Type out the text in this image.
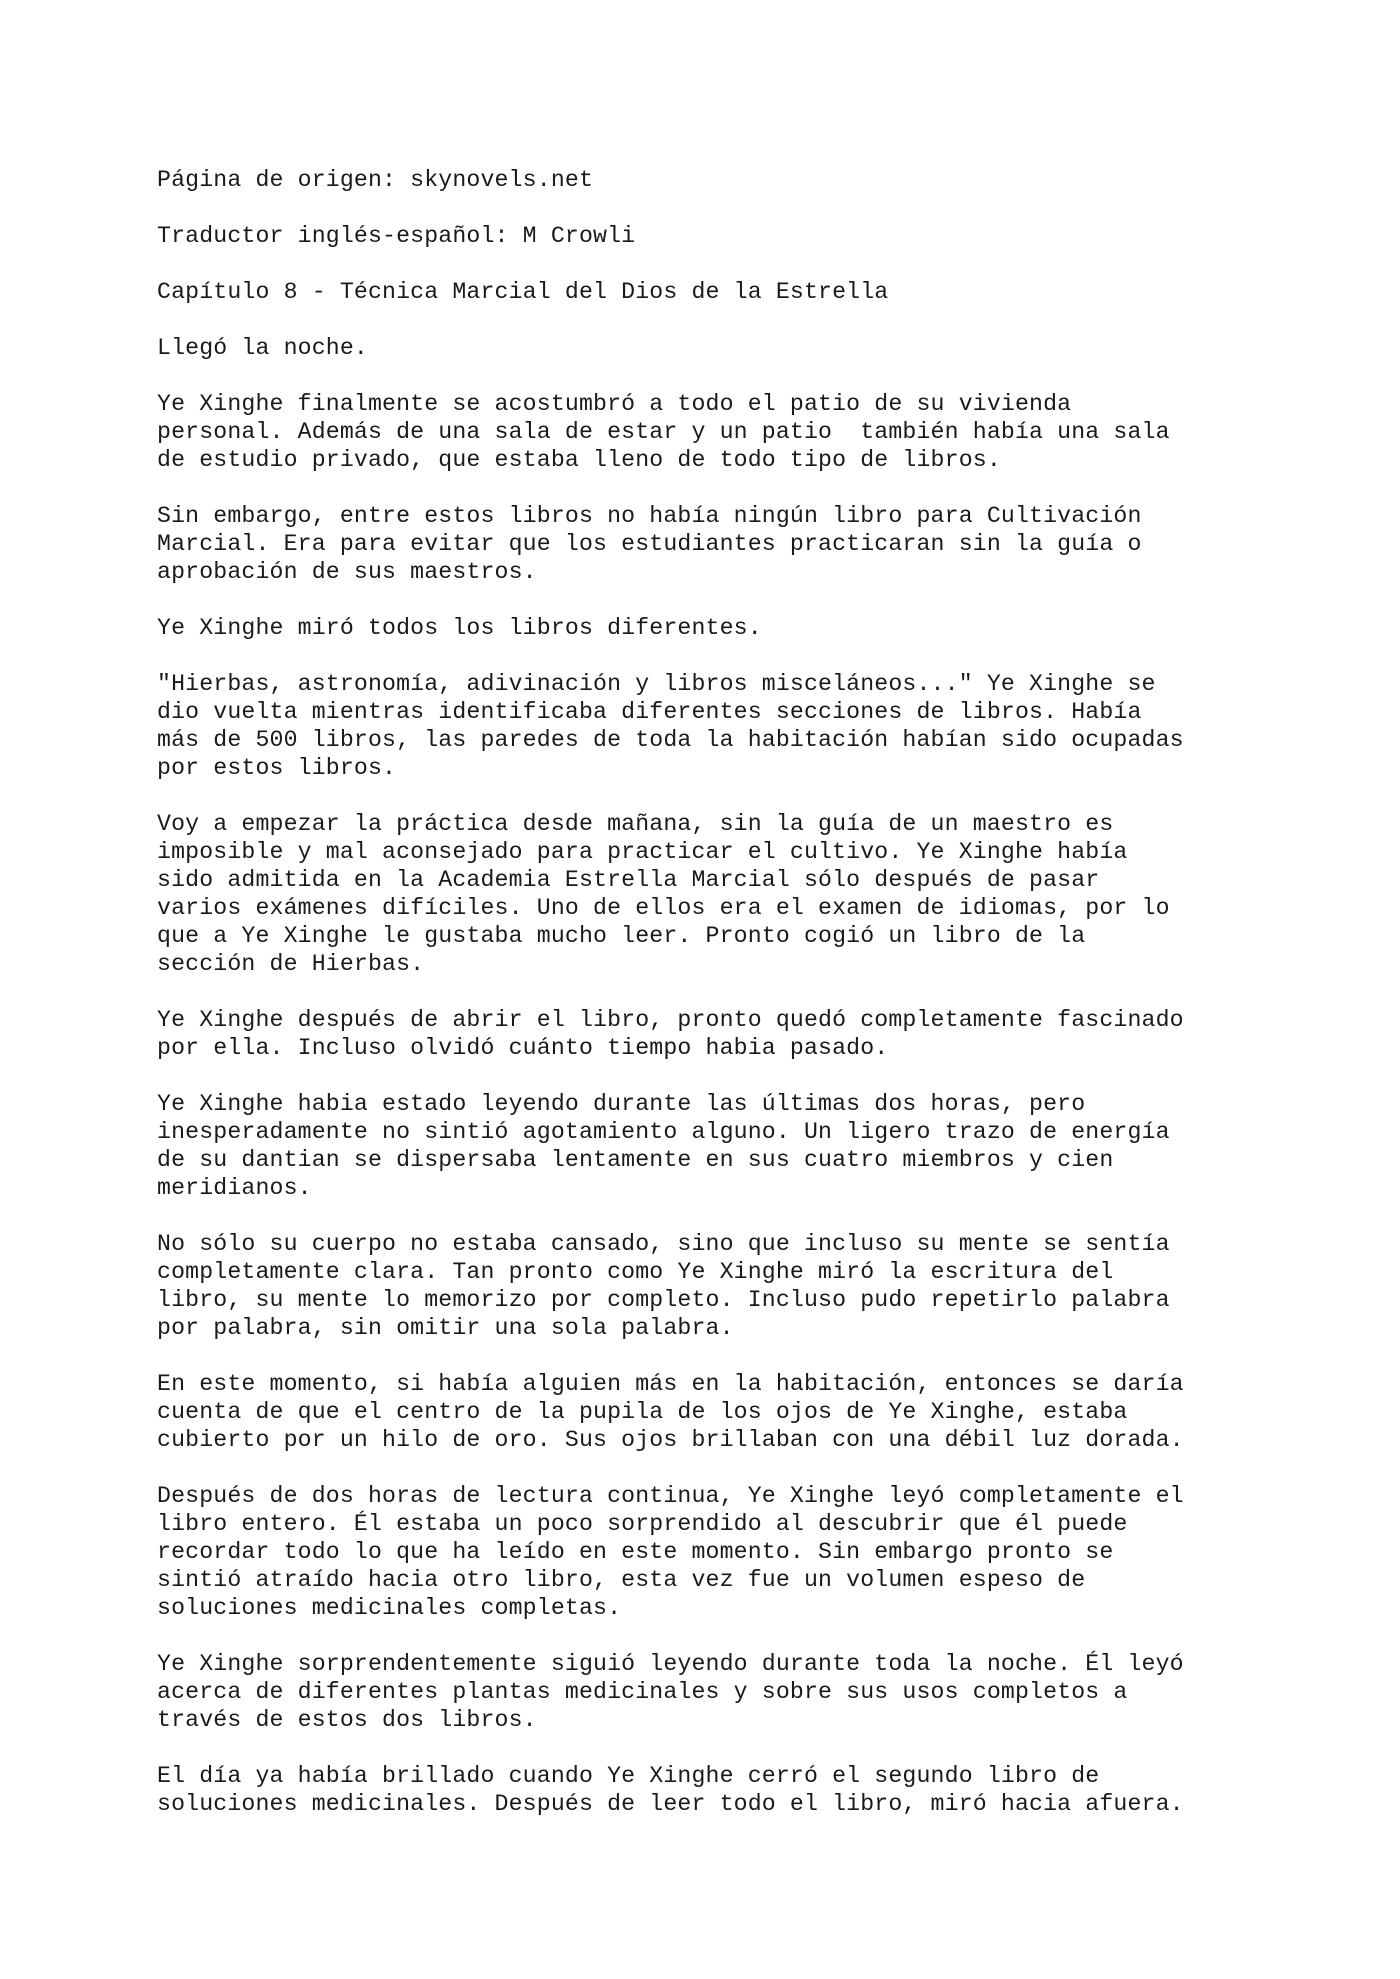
Página de origen: skynovels.net

Traductor inglés-español: M Crowli

Capítulo 8 - Técnica Marcial del Dios de la Estrella

Llegó la noche.

Ye Xinghe finalmente se acostumbró a todo el patio de su vivienda
personal. Además de una sala de estar y un patio  también había una sala
de estudio privado, que estaba lleno de todo tipo de libros.

Sin embargo, entre estos libros no había ningún libro para Cultivación
Marcial. Era para evitar que los estudiantes practicaran sin la guía o
aprobación de sus maestros.

Ye Xinghe miró todos los libros diferentes.

"Hierbas, astronomía, adivinación y libros misceláneos..." Ye Xinghe se
dio vuelta mientras identificaba diferentes secciones de libros. Había
más de 500 libros, las paredes de toda la habitación habían sido ocupadas
por estos libros.

Voy a empezar la práctica desde mañana, sin la guía de un maestro es
imposible y mal aconsejado para practicar el cultivo. Ye Xinghe había
sido admitida en la Academia Estrella Marcial sólo después de pasar
varios exámenes difíciles. Uno de ellos era el examen de idiomas, por lo
que a Ye Xinghe le gustaba mucho leer. Pronto cogió un libro de la
sección de Hierbas.

Ye Xinghe después de abrir el libro, pronto quedó completamente fascinado
por ella. Incluso olvidó cuánto tiempo habia pasado.

Ye Xinghe habia estado leyendo durante las últimas dos horas, pero
inesperadamente no sintió agotamiento alguno. Un ligero trazo de energía
de su dantian se dispersaba lentamente en sus cuatro miembros y cien
meridianos.

No sólo su cuerpo no estaba cansado, sino que incluso su mente se sentía
completamente clara. Tan pronto como Ye Xinghe miró la escritura del
libro, su mente lo memorizo por completo. Incluso pudo repetirlo palabra
por palabra, sin omitir una sola palabra.

En este momento, si había alguien más en la habitación, entonces se daría
cuenta de que el centro de la pupila de los ojos de Ye Xinghe, estaba
cubierto por un hilo de oro. Sus ojos brillaban con una débil luz dorada.

Después de dos horas de lectura continua, Ye Xinghe leyó completamente el
libro entero. Él estaba un poco sorprendido al descubrir que él puede
recordar todo lo que ha leído en este momento. Sin embargo pronto se
sintió atraído hacia otro libro, esta vez fue un volumen espeso de
soluciones medicinales completas.

Ye Xinghe sorprendentemente siguió leyendo durante toda la noche. Él leyó
acerca de diferentes plantas medicinales y sobre sus usos completos a
través de estos dos libros.

El día ya había brillado cuando Ye Xinghe cerró el segundo libro de
soluciones medicinales. Después de leer todo el libro, miró hacia afuera.
